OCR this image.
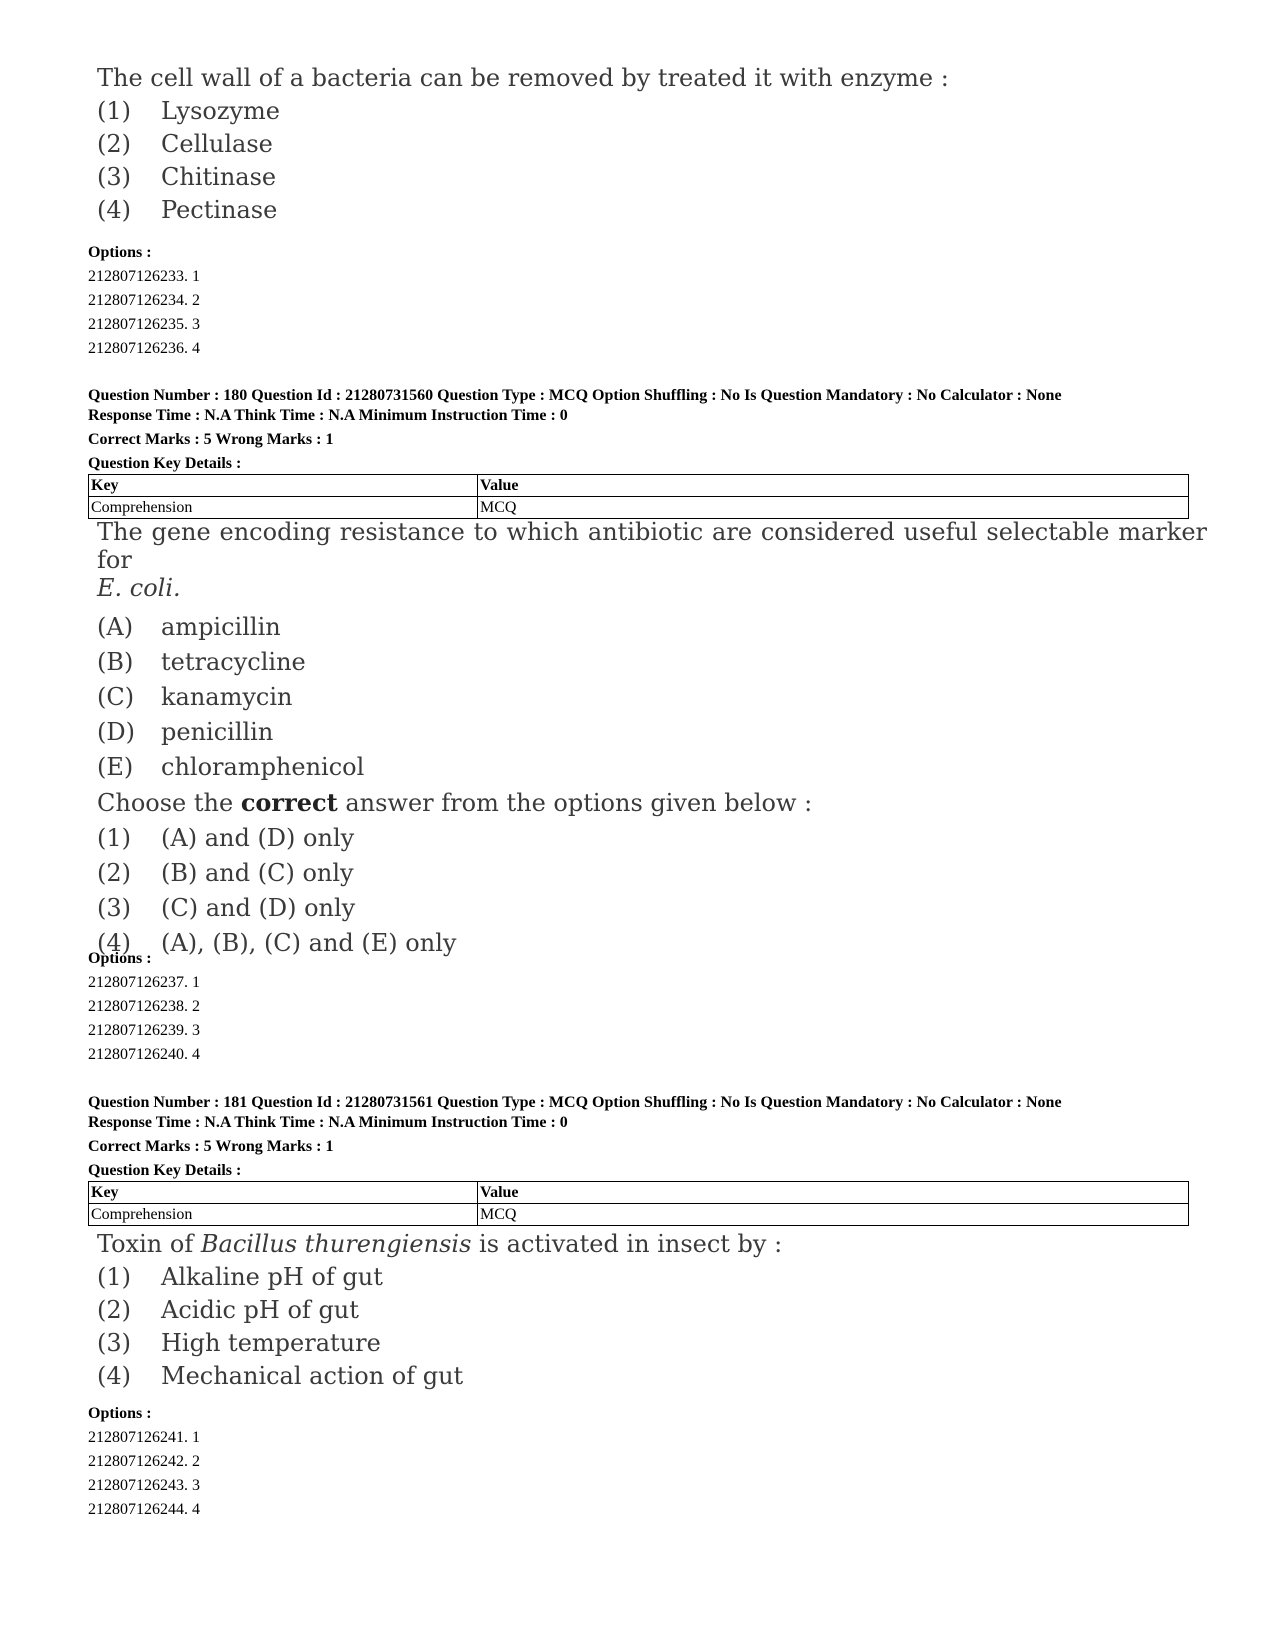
The cell wall of a bacteria can be removed by treated it with enzyme :
(1)	Lysozyme
(2)	Cellulase
(3)	Chitinase
(4)	Pectinase
Options :
212807126233. 1
212807126234. 2
212807126235. 3
212807126236. 4
Question Number : 180 Question Id : 21280731560 Question Type : MCQ Option Shuffling : No Is Question Mandatory : No Calculator : None
Response Time : N.A Think Time : N.A Minimum Instruction Time : 0
Correct Marks : 5 Wrong Marks : 1
Question Key Details :
Key	Value
Comprehension	MCQ
The gene encoding resistance to which antibiotic are considered useful selectable marker for
E. coli.
(A)	ampicillin
(B)	tetracycline
(C)	kanamycin
(D)	penicillin
(E)	chloramphenicol
Choose the correct answer from the options given below :
(1)	(A) and (D) only
(2)	(B) and (C) only
(3)	(C) and (D) only
(4)	(A), (B), (C) and (E) only
Options :
212807126237. 1
212807126238. 2
212807126239. 3
212807126240. 4
Question Number : 181 Question Id : 21280731561 Question Type : MCQ Option Shuffling : No Is Question Mandatory : No Calculator : None
Response Time : N.A Think Time : N.A Minimum Instruction Time : 0
Correct Marks : 5 Wrong Marks : 1
Question Key Details :
Key	Value
Comprehension	MCQ
Toxin of Bacillus thurengiensis is activated in insect by :
(1)	Alkaline pH of gut
(2)	Acidic pH of gut
(3)	High temperature
(4)	Mechanical action of gut
Options :
212807126241. 1
212807126242. 2
212807126243. 3
212807126244. 4
